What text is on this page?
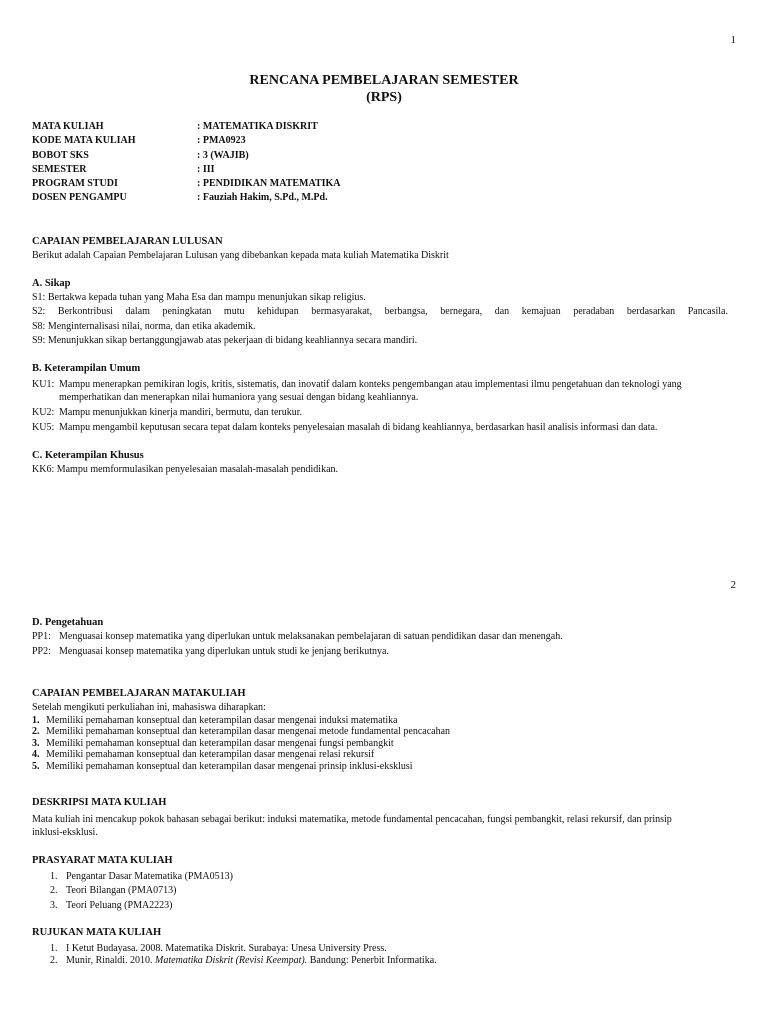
1
RENCANA PEMBELAJARAN SEMESTER
(RPS)
MATA KULIAH	: MATEMATIKA DISKRIT
KODE MATA KULIAH	: PMA0923
BOBOT SKS	: 3 (WAJIB)
SEMESTER	: III
PROGRAM STUDI	: PENDIDIKAN MATEMATIKA
DOSEN PENGAMPU	: Fauziah Hakim, S.Pd., M.Pd.
CAPAIAN PEMBELAJARAN LULUSAN
Berikut adalah Capaian Pembelajaran Lulusan yang dibebankan kepada mata kuliah Matematika Diskrit
A. Sikap
S1: Bertakwa kepada tuhan yang Maha Esa dan mampu menunjukan sikap religius.
S2: Berkontribusi dalam peningkatan mutu kehidupan bermasyarakat, berbangsa, bernegara, dan kemajuan peradaban berdasarkan Pancasila.
S8: Menginternalisasi nilai, norma, dan etika akademik.
S9: Menunjukkan sikap bertanggungjawab atas pekerjaan di bidang keahliannya secara mandiri.
B. Keterampilan Umum
KU1: Mampu menerapkan pemikiran logis, kritis, sistematis, dan inovatif dalam konteks pengembangan atau implementasi ilmu pengetahuan dan teknologi yang memperhatikan dan menerapkan nilai humaniora yang sesuai dengan bidang keahliannya.
KU2: Mampu menunjukkan kinerja mandiri, bermutu, dan terukur.
KU5: Mampu mengambil keputusan secara tepat dalam konteks penyelesaian masalah di bidang keahliannya, berdasarkan hasil analisis informasi dan data.
C. Keterampilan Khusus
KK6: Mampu memformulasikan penyelesaian masalah-masalah pendidikan.
2
D. Pengetahuan
PP1: Menguasai konsep matematika yang diperlukan untuk melaksanakan pembelajaran di satuan pendidikan dasar dan menengah.
PP2: Menguasai konsep matematika yang diperlukan untuk studi ke jenjang berikutnya.
CAPAIAN PEMBELAJARAN MATAKULIAH
Setelah mengikuti perkuliahan ini, mahasiswa diharapkan:
1. Memiliki pemahaman konseptual dan keterampilan dasar mengenai induksi matematika
2. Memiliki pemahaman konseptual dan keterampilan dasar mengenai metode fundamental pencacahan
3. Memiliki pemahaman konseptual dan keterampilan dasar mengenai fungsi pembangkit
4. Memiliki pemahaman konseptual dan keterampilan dasar mengenai relasi rekursif
5. Memiliki pemahaman konseptual dan keterampilan dasar mengenai prinsip inklusi-eksklusi
DESKRIPSI MATA KULIAH
Mata kuliah ini mencakup pokok bahasan sebagai berikut: induksi matematika, metode fundamental pencacahan, fungsi pembangkit, relasi rekursif, dan prinsip
inklusi-eksklusi.
PRASYARAT MATA KULIAH
1. Pengantar Dasar Matematika (PMA0513)
2. Teori Bilangan (PMA0713)
3. Teori Peluang (PMA2223)
RUJUKAN MATA KULIAH
1. I Ketut Budayasa. 2008. Matematika Diskrit. Surabaya: Unesa University Press.
2. Munir, Rinaldi. 2010. Matematika Diskrit (Revisi Keempat). Bandung: Penerbit Informatika.
